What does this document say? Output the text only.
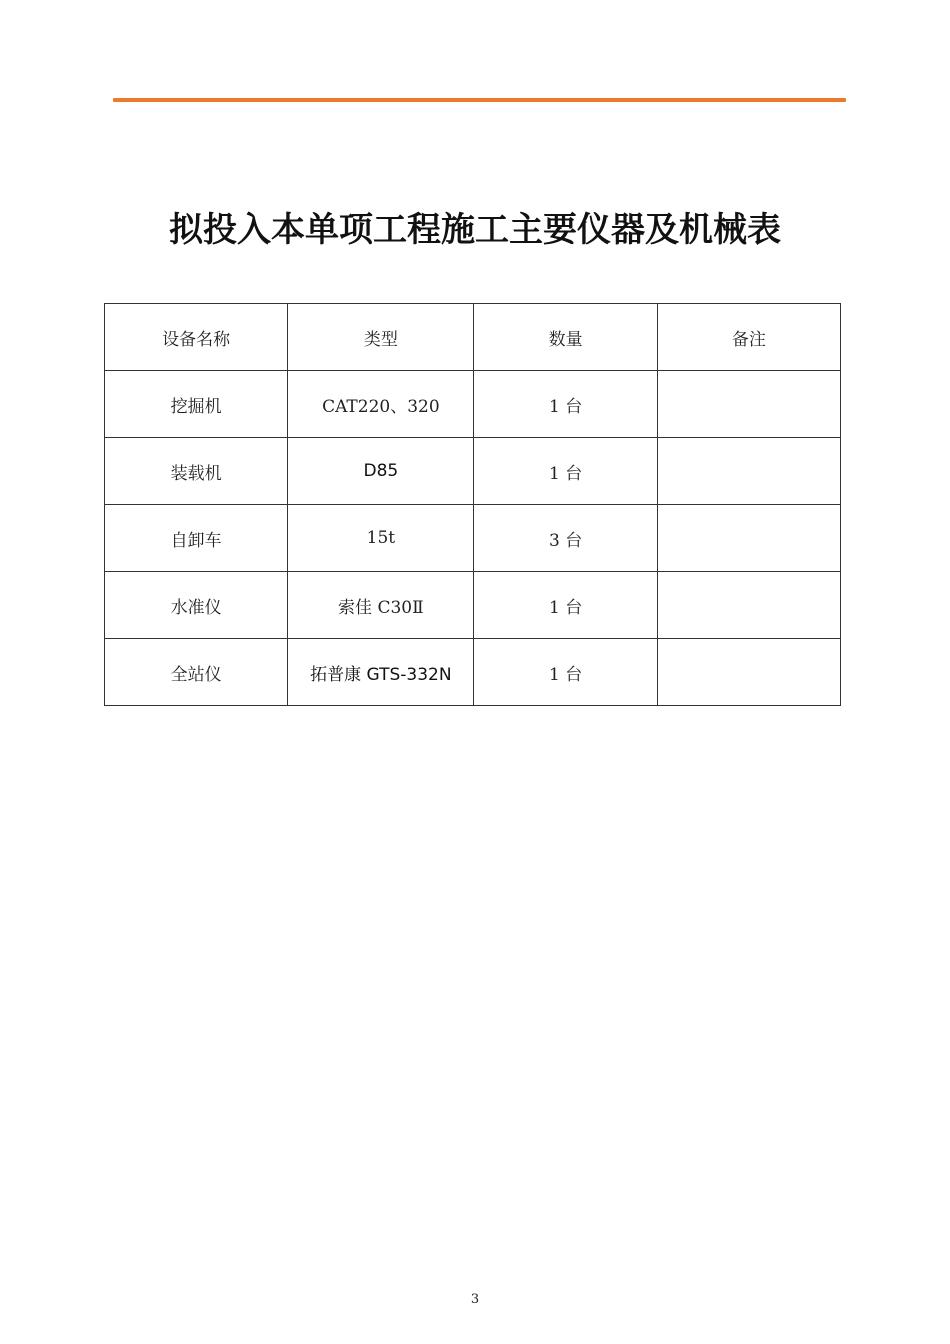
拟投入本单项工程施工主要仪器及机械表
设备名称	类型	数量	备注
挖掘机	CAT220、320	1 台	
装载机	D85	1 台	
自卸车	15t	3 台	
水准仪	索佳 C30Ⅱ	1 台	
全站仪	拓普康 GTS-332N	1 台	
3
